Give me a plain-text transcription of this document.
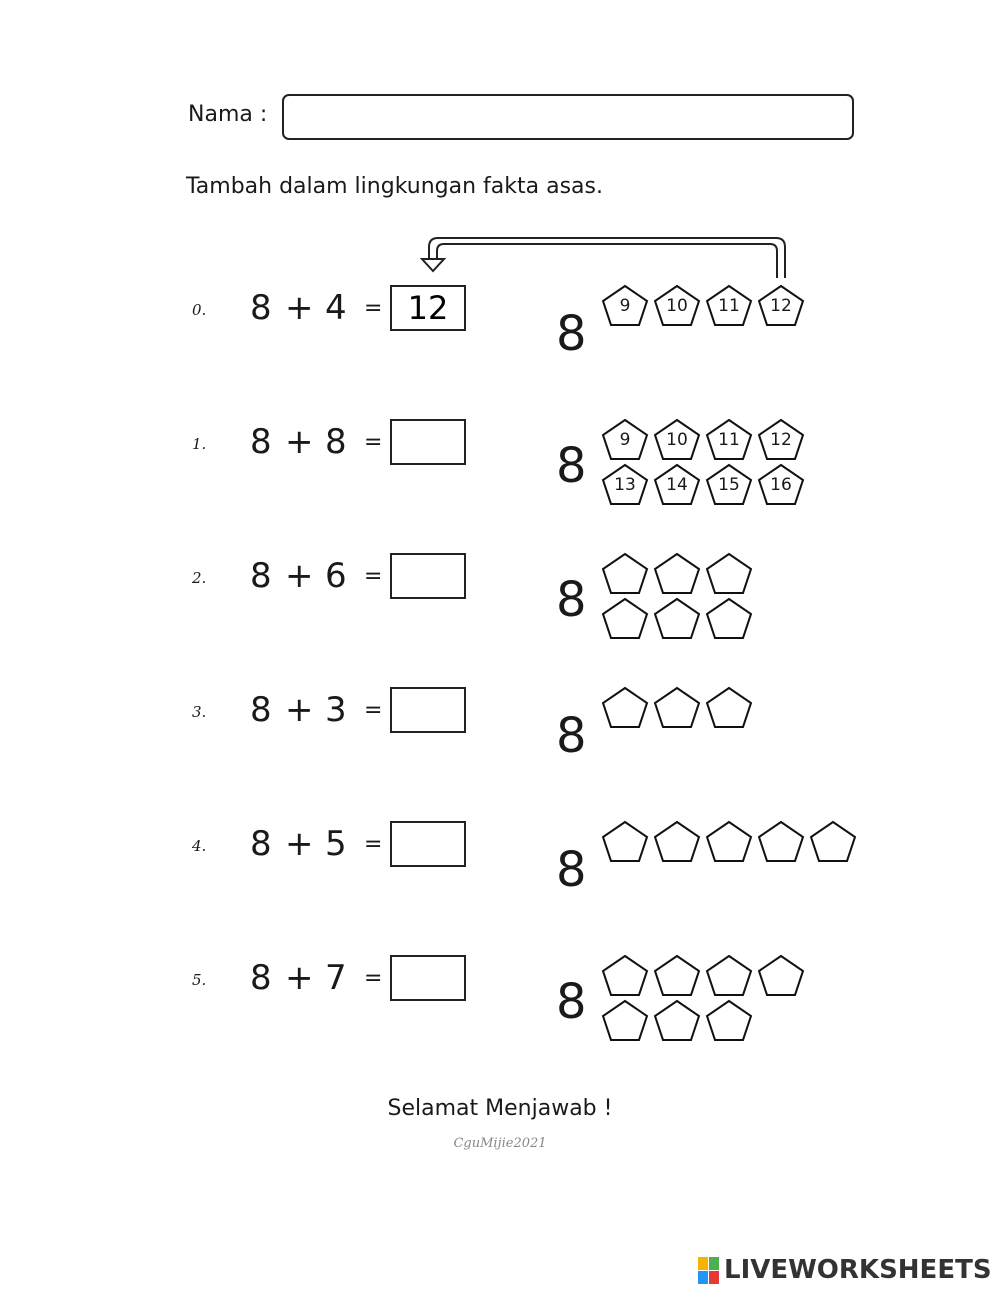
Nama :
Tambah dalam lingkungan fakta asas.
0. 8 + 4 =
12	8	9	10	11	12
1. 8 + 8 =	8	9	10	11	12
13	14	15	16
2. 8 + 6 =	8
3. 8 + 3 =	8
4. 8 + 5 =	8
5. 8 + 7 =	8
Selamat Menjawab !
CguMijie2021
LIVEWORKSHEETS
